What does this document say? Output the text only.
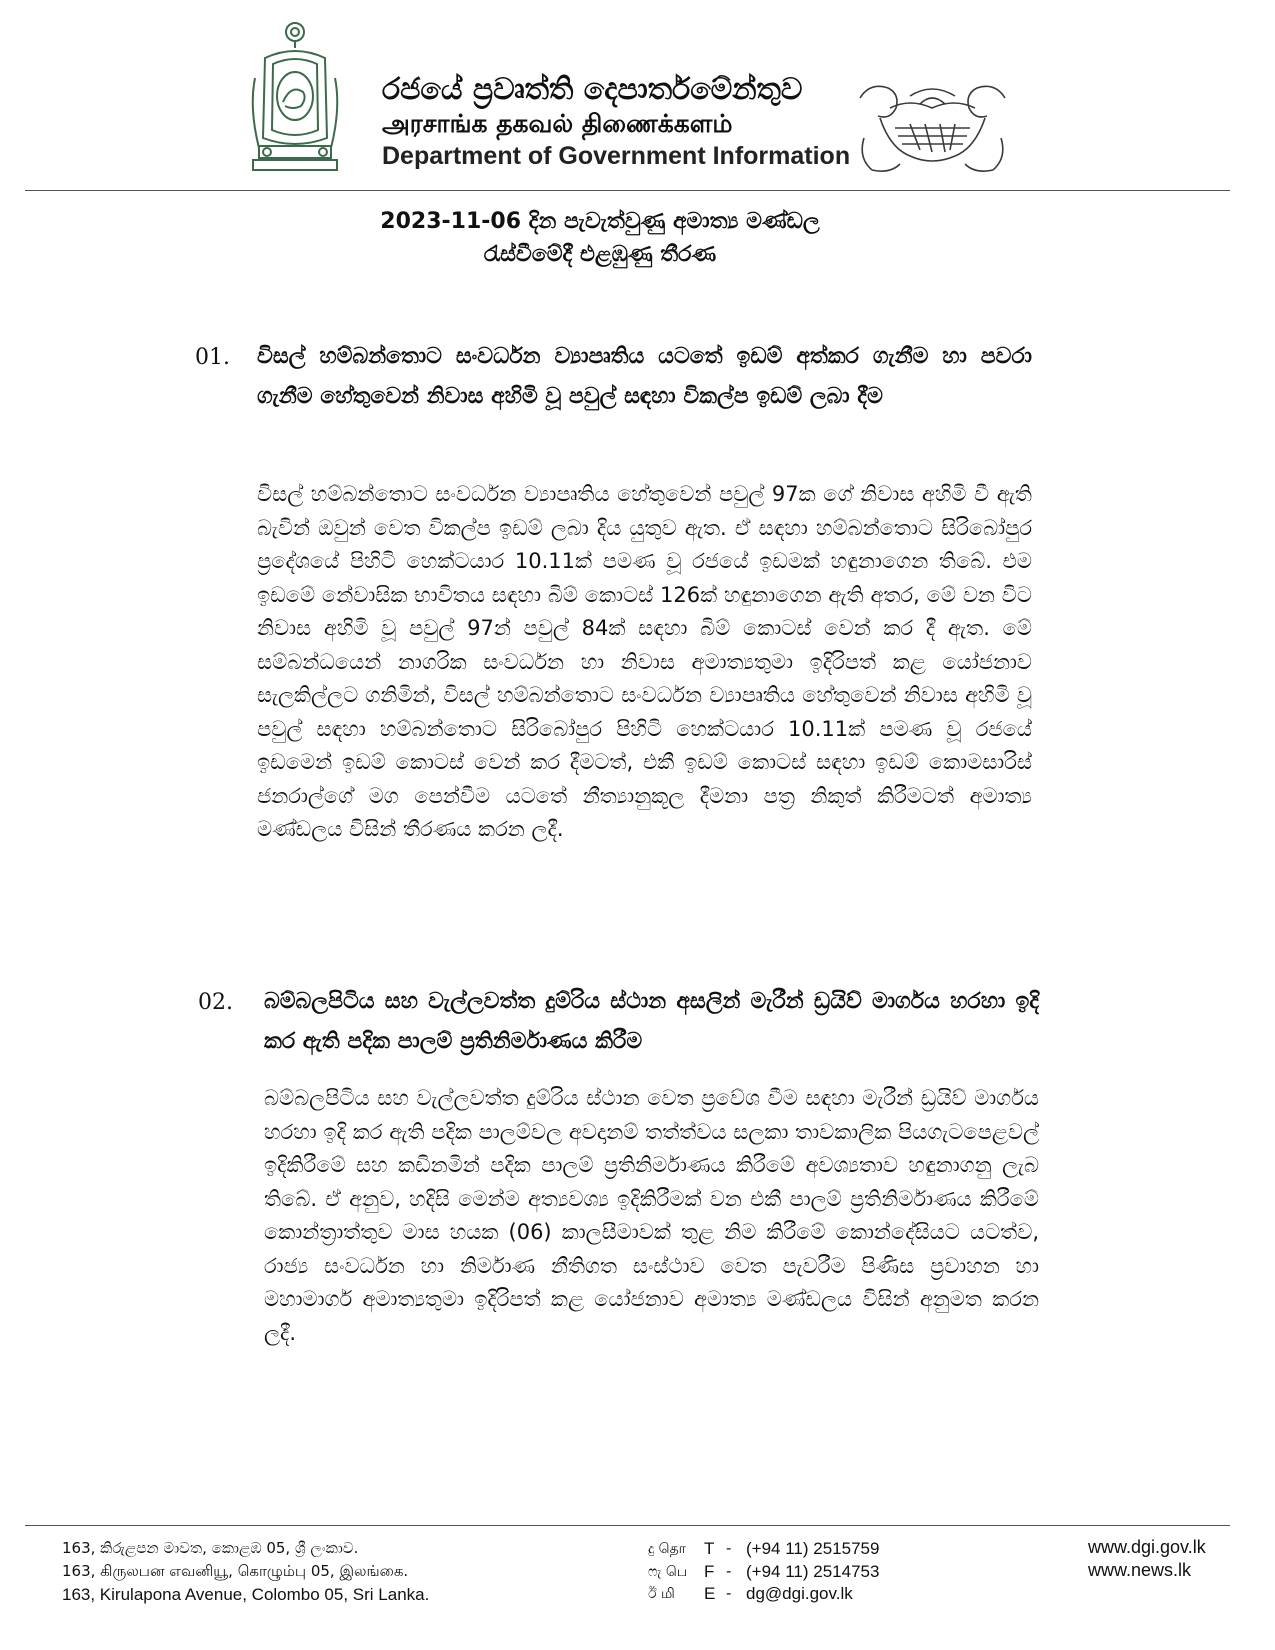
රජයේ ප්‍රවෘත්ති දෙපාර්තමේන්තුව
அரசாங்க தகவல் திணைக்களம்
Department of Government Information
2023-11-06 දින පැවැත්වුණු අමාත්‍ය මණ්ඩල
රැස්වීමේදී එළඹුණු තීරණ
01. විසල් හම්බන්තොට සංවර්ධන ව්‍යාපෘතිය යටතේ ඉඩම් අත්කර ගැනීම හා පවරා ගැනීම හේතුවෙන් නිවාස අහිමි වූ පවුල් සඳහා විකල්ප ඉඩම් ලබා දීම
විසල් හම්බන්තොට සංවර්ධන ව්‍යාපෘතිය හේතුවෙන් පවුල් 97ක ගේ නිවාස අහිමි වී ඇති බැවින් ඔවුන් වෙත විකල්ප ඉඩම් ලබා දිය යුතුව ඇත. ඒ සඳහා හම්බන්තොට සිරිබෝපුර ප්‍රදේශයේ පිහිටි හෙක්ටයාර 10.11ක් පමණ වූ රජයේ ඉඩමක් හඳුනාගෙන තිබේ. එම ඉඩමේ නේවාසික භාවිතය සඳහා බිම් කොටස් 126ක් හඳුනාගෙන ඇති අතර, මේ වන විට නිවාස අහිමි වූ පවුල් 97න් පවුල් 84ක් සඳහා බිම් කොටස් වෙන් කර දී ඇත. මේ සම්බන්ධයෙන් නාගරික සංවර්ධන හා නිවාස අමාත්‍යතුමා ඉදිරිපත් කළ යෝජනාව සැලකිල්ලට ගනිමින්, විසල් හම්බන්තොට සංවර්ධන ව්‍යාපෘතිය හේතුවෙන් නිවාස අහිමි වූ පවුල් සඳහා හම්බන්තොට සිරිබෝපුර පිහිටි හෙක්ටයාර 10.11ක් පමණ වූ රජයේ ඉඩමෙන් ඉඩම් කොටස් වෙන් කර දීමටත්, එකී ඉඩම් කොටස් සඳහා ඉඩම් කොමසාරිස් ජනරාල්ගේ මග පෙන්වීම යටතේ නීත්‍යානුකූල දීමනා පත්‍ර නිකුත් කිරීමටත් අමාත්‍ය මණ්ඩලය විසින් තීරණය කරන ලදී.
02. බම්බලපිටිය සහ වැල්ලවත්ත දුම්රිය ස්ථාන අසලින් මැරීන් ඩ්‍රයිව් මාර්ගය හරහා ඉදි කර ඇති පදික පාලම් ප්‍රතිනිර්මාණය කිරීම
බම්බලපිටිය සහ වැල්ලවත්ත දුම්රිය ස්ථාන වෙත ප්‍රවේශ වීම සඳහා මැරීන් ඩ්‍රයිව් මාර්ගය හරහා ඉදි කර ඇති පදික පාලම්වල අවදානම් තත්ත්වය සලකා තාවකාලික පියගැටපෙළවල් ඉදිකිරීමේ සහ කඩිනමින් පදික පාලම් ප්‍රතිනිර්මාණය කිරීමේ අවශ්‍යතාව හඳුනාගනු ලැබ තිබේ. ඒ අනුව, හදිසි මෙන්ම අත්‍යවශ්‍ය ඉදිකිරීමක් වන එකී පාලම් ප්‍රතිනිර්මාණය කිරීමේ කොන්ත්‍රාත්තුව මාස හයක (06) කාලසීමාවක් තුළ නිම කිරීමේ කොන්දේසියට යටත්ව, රාජ්‍ය සංවර්ධන හා නිර්මාණ නීතිගත සංස්ථාව වෙත පැවරීම පිණිස ප්‍රවාහන හා මහාමාර්ග අමාත්‍යතුමා ඉදිරිපත් කළ යෝජනාව අමාත්‍ය මණ්ඩලය විසින් අනුමත කරන ලදී.
163, කිරුළපන මාවත, කොළඹ 05, ශ්‍රී ලංකාව.
163, கிருலபன எவனியூ, கொழும்பு 05, இலங்கை.
163, Kirulapona Avenue, Colombo 05, Sri Lanka.
දු தொ	T - (+94 11) 2515759
ෆැ பெ F - (+94 11) 2514753
ඊ மி	E - dg@dgi.gov.lk
www.dgi.gov.lk
www.news.lk
